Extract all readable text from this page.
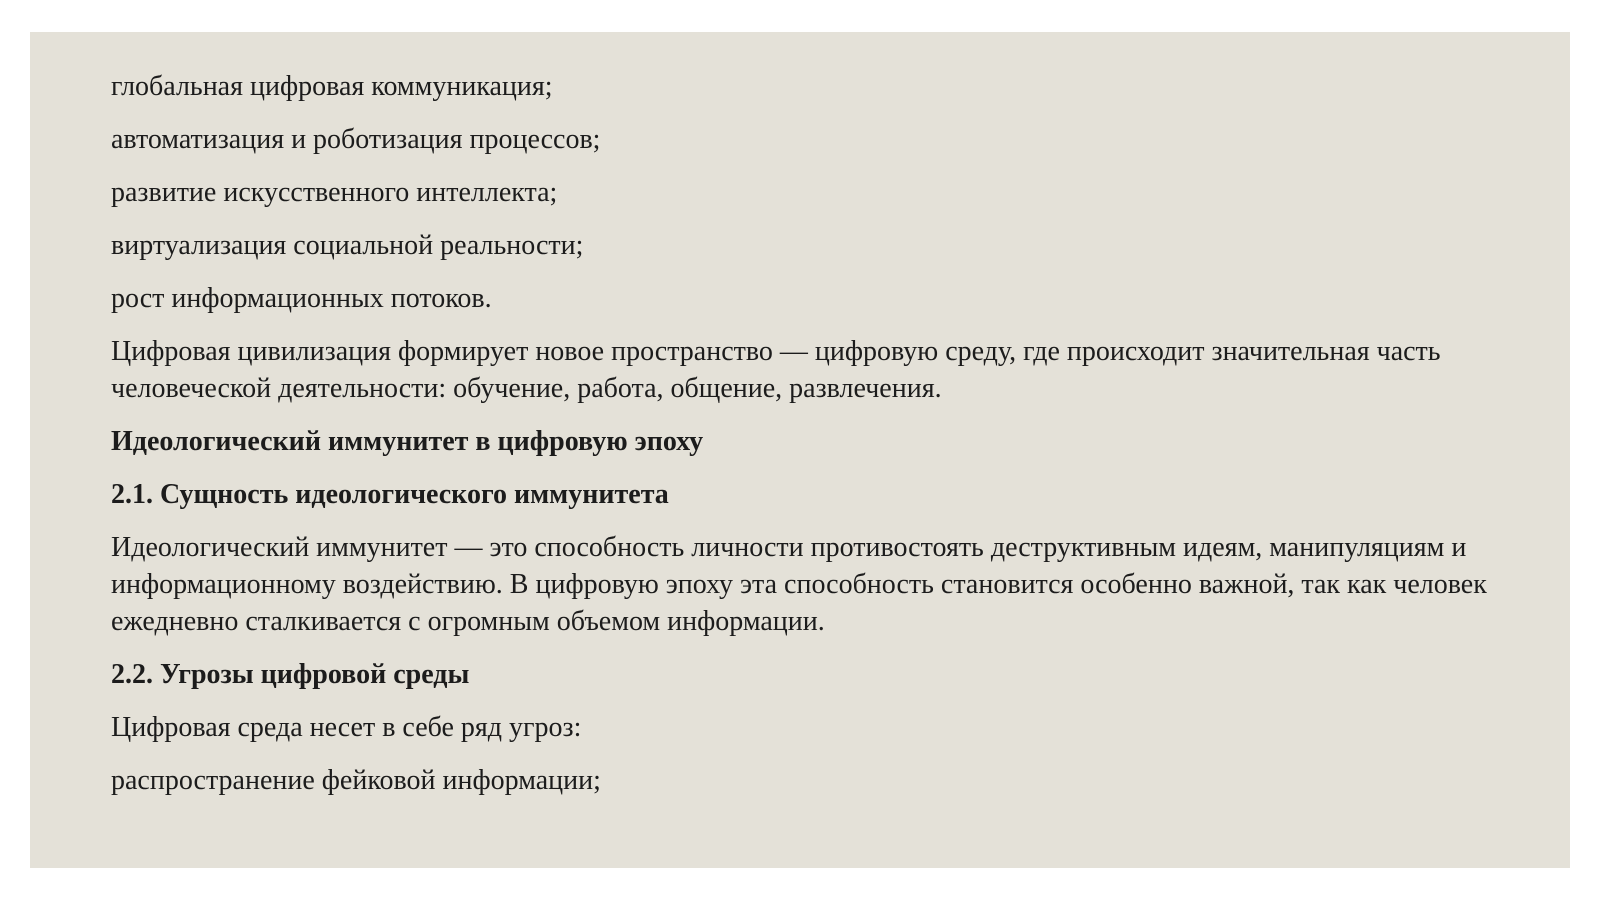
глобальная цифровая коммуникация;

автоматизация и роботизация процессов;

развитие искусственного интеллекта;

виртуализация социальной реальности;

рост информационных потоков.

Цифровая цивилизация формирует новое пространство — цифровую среду, где происходит значительная часть человеческой деятельности: обучение, работа, общение, развлечения.

Идеологический иммунитет в цифровую эпоху

2.1. Сущность идеологического иммунитета

Идеологический иммунитет — это способность личности противостоять деструктивным идеям, манипуляциям и информационному воздействию. В цифровую эпоху эта способность становится особенно важной, так как человек ежедневно сталкивается с огромным объемом информации.

2.2. Угрозы цифровой среды

Цифровая среда несет в себе ряд угроз:

распространение фейковой информации;
